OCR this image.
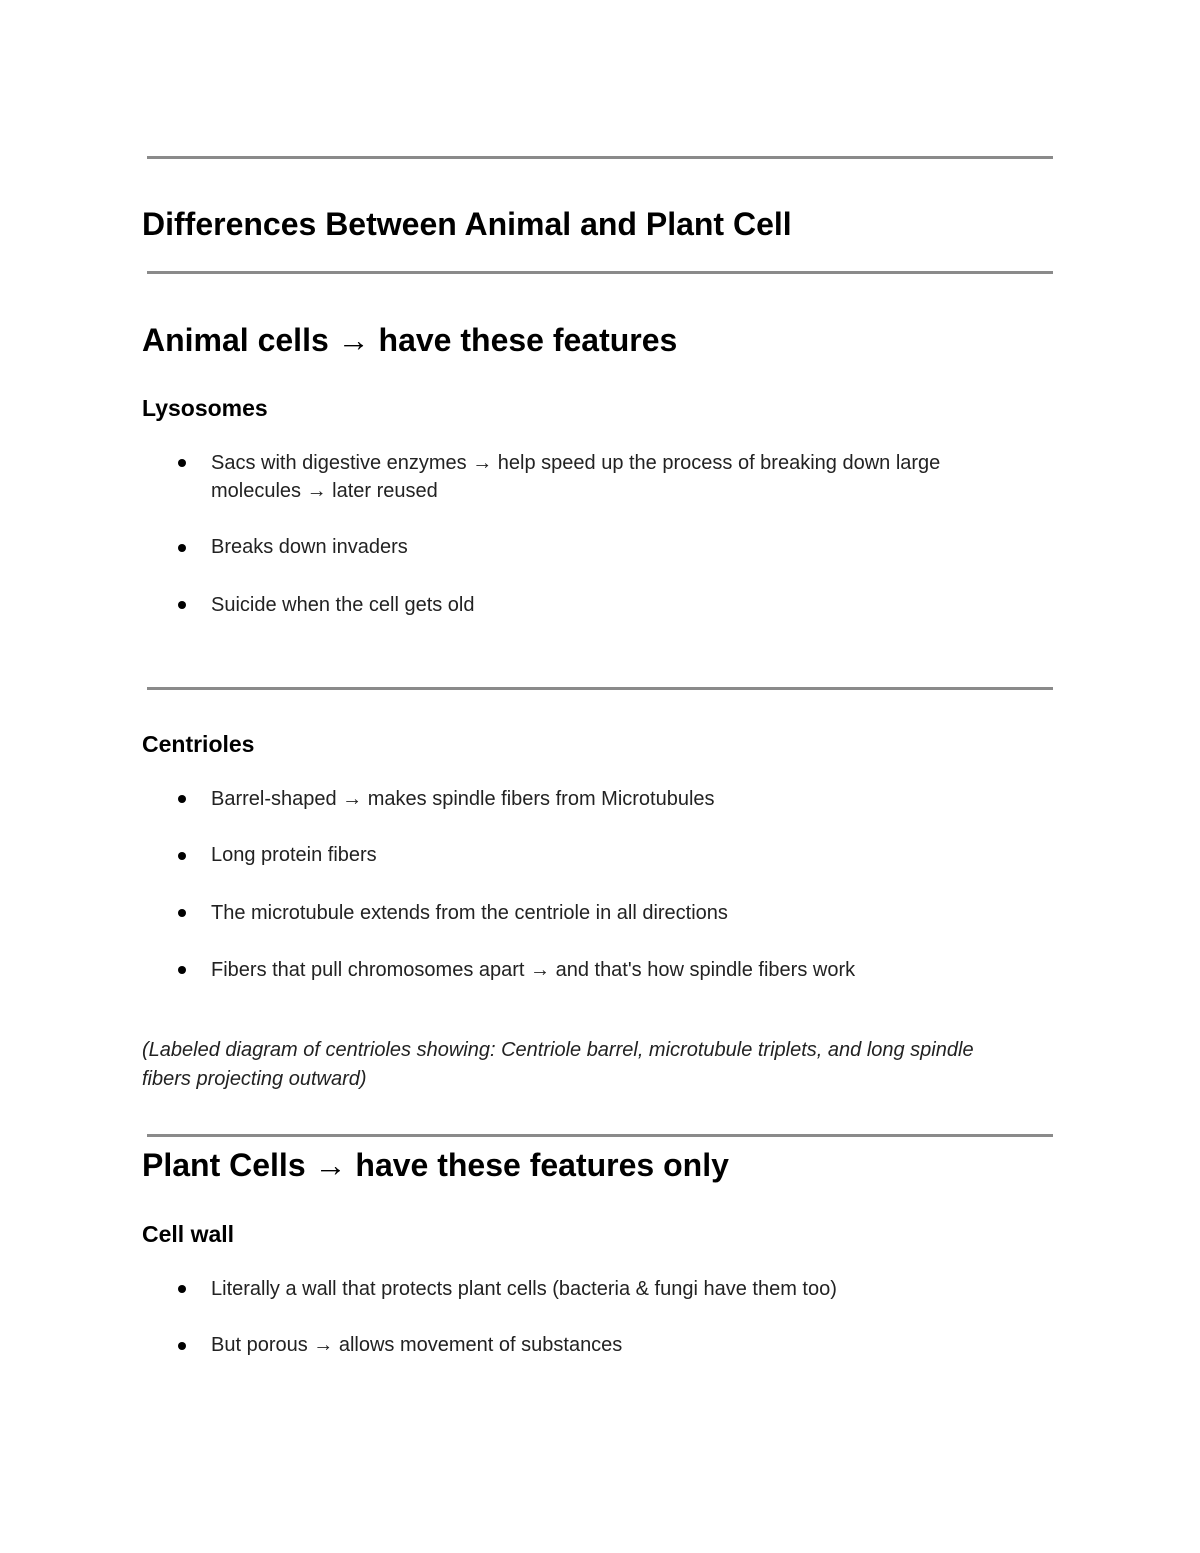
Differences Between Animal and Plant Cell
Animal cells → have these features
Lysosomes

Sacs with digestive enzymes → help speed up the process of breaking down large

molecules → later reused

Breaks down invaders

Suicide when the cell gets old

Centrioles

Barrel-shaped → makes spindle fibers from Microtubules

Long protein fibers

The microtubule extends from the centriole in all directions

Fibers that pull chromosomes apart → and that's how spindle fibers work

(Labeled diagram of centrioles showing: Centriole barrel, microtubule triplets, and long spindle

fibers projecting outward)

Plant Cells → have these features only
Cell wall

Literally a wall that protects plant cells (bacteria & fungi have them too)

But porous → allows movement of substances
